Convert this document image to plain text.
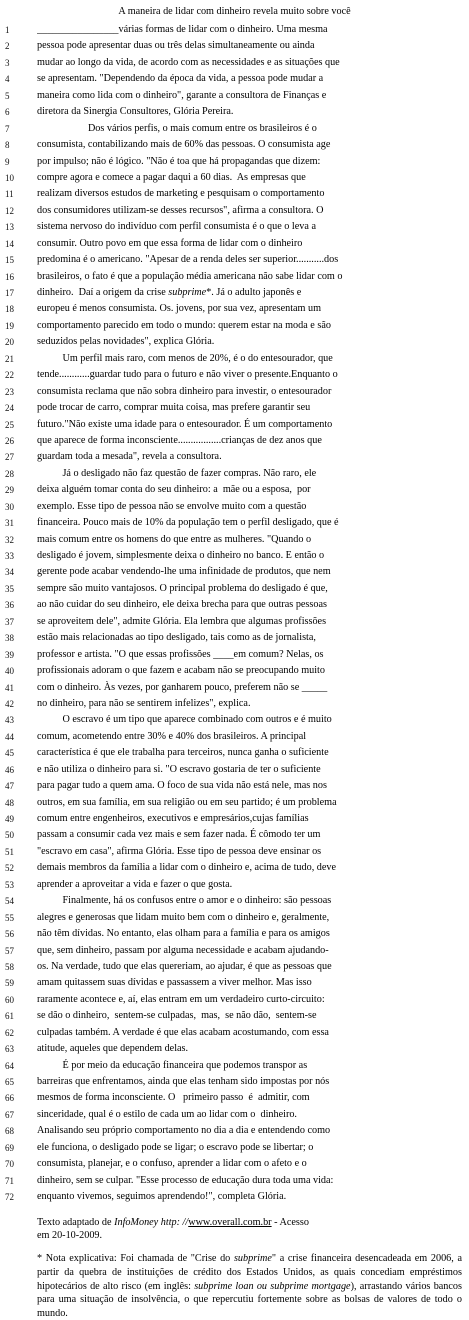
A maneira de lidar com dinheiro revela muito sobre você

1	________________várias formas de lidar com o dinheiro. Uma mesma
2	pessoa pode apresentar duas ou três delas simultaneamente ou ainda
3	mudar ao longo da vida, de acordo com as necessidades e as situações que
4	se apresentam. "Dependendo da época da vida, a pessoa pode mudar a
5	maneira como lida com o dinheiro", garante a consultora de Finanças e
6	diretora da Sinergia Consultores, Glória Pereira.
7	Dos vários perfis, o mais comum entre os brasileiros é o
8	consumista, contabilizando mais de 60% das pessoas. O consumista age
9	por impulso; não é lógico. "Não é toa que há propagandas que dizem:
10	compre agora e comece a pagar daqui a 60 dias.  As empresas que
11	realizam diversos estudos de marketing e pesquisam o comportamento
12	dos consumidores utilizam-se desses recursos", afirma a consultora. O
13	sistema nervoso do indivíduo com perfil consumista é o que o leva a
14	consumir. Outro povo em que essa forma de lidar com o dinheiro
15	predomina é o americano. "Apesar de a renda deles ser superior...........dos
16	brasileiros, o fato é que a população média americana não sabe lidar com o
17	dinheiro.  Daí a origem da crise subprime*. Já o adulto japonês e
18	europeu é menos consumista. Os. jovens, por sua vez, apresentam um
19	comportamento parecido em todo o mundo: querem estar na moda e são
20	seduzidos pelas novidades", explica Glória.
21	Um perfil mais raro, com menos de 20%, é o do entesourador, que
22	tende............guardar tudo para o futuro e não viver o presente.Enquanto o
23	consumista reclama que não sobra dinheiro para investir, o entesourador
24	pode trocar de carro, comprar muita coisa, mas prefere garantir seu
25	futuro."Não existe uma idade para o entesourador. É um comportamento
26	que aparece de forma inconsciente.................crianças de dez anos que
27	guardam toda a mesada", revela a consultora.
28	Já o desligado não faz questão de fazer compras. Não raro, ele
29	deixa alguém tomar conta do seu dinheiro: a  mãe ou a esposa,  por
30	exemplo. Esse tipo de pessoa não se envolve muito com a questão
31	financeira. Pouco mais de 10% da população tem o perfil desligado, que é
32	mais comum entre os homens do que entre as mulheres. "Quando o
33	desligado é jovem, simplesmente deixa o dinheiro no banco. E então o
34	gerente pode acabar vendendo-lhe uma infinidade de produtos, que nem
35	sempre são muito vantajosos. O principal problema do desligado é que,
36	ao não cuidar do seu dinheiro, ele deixa brecha para que outras pessoas
37	se aproveitem dele", admite Glória. Ela lembra que algumas profissões
38	estão mais relacionadas ao tipo desligado, tais como as de jornalista,
39	professor e artista. "O que essas profissões ____em comum? Nelas, os
40	profissionais adoram o que fazem e acabam não se preocupando muito
41	com o dinheiro. Às vezes, por ganharem pouco, preferem não se _____
42	no dinheiro, para não se sentirem infelizes", explica.
43	O escravo é um tipo que aparece combinado com outros e é muito
44	comum, acometendo entre 30% e 40% dos brasileiros. A principal
45	característica é que ele trabalha para terceiros, nunca ganha o suficiente
46	e não utiliza o dinheiro para si. "O escravo gostaria de ter o suficiente
47	para pagar tudo a quem ama. O foco de sua vida não está nele, mas nos
48	outros, em sua família, em sua religião ou em seu partido; é um problema
49	comum entre engenheiros, executivos e empresários,cujas famílias
50	passam a consumir cada vez mais e sem fazer nada. É cômodo ter um
51	"escravo em casa", afirma Glória. Esse tipo de pessoa deve ensinar os
52	demais membros da família a lidar com o dinheiro e, acima de tudo, deve
53	aprender a aproveitar a vida e fazer o que gosta.
54	Finalmente, há os confusos entre o amor e o dinheiro: são pessoas
55	alegres e generosas que lidam muito bem com o dinheiro e, geralmente,
56	não têm dívidas. No entanto, elas olham para a família e para os amigos
57	que, sem dinheiro, passam por alguma necessidade e acabam ajudando-
58	os. Na verdade, tudo que elas quereriam, ao ajudar, é que as pessoas que
59	amam quitassem suas dívidas e passassem a viver melhor. Mas isso
60	raramente acontece e, aí, elas entram em um verdadeiro curto-circuito:
61	se dão o dinheiro,  sentem-se culpadas,  mas,  se não dão,  sentem-se
62	culpadas também. A verdade é que elas acabam acostumando, com essa
63	atitude, aqueles que dependem delas.
64	É por meio da educação financeira que podemos transpor as
65	barreiras que enfrentamos, ainda que elas tenham sido impostas por nós
66	mesmos de forma inconsciente. O   primeiro passo  é  admitir, com
67	sinceridade, qual é o estilo de cada um ao lidar com o  dinheiro.
68	Analisando seu próprio comportamento no dia a dia e entendendo como
69	ele funciona, o desligado pode se ligar; o escravo pode se libertar; o
70	consumista, planejar, e o confuso, aprender a lidar com o afeto e o
71	dinheiro, sem se culpar. "Esse processo de educação dura toda uma vida:
72	enquanto vivemos, seguimos aprendendo!", completa Glória.

Texto adaptado de InfoMoney http: //www.overall.com.br - Acesso
em 20-10-2009.

* Nota explicativa: Foi chamada de "Crise do subprime" a crise financeira desencadeada em 2006, a partir da quebra de instituições de crédito dos Estados Unidos, as quais concediam empréstimos hipotecários de alto risco (em inglês: subprime loan ou subprime mortgage), arrastando vários bancos para uma situação de insolvência, o que repercutiu fortemente sobre as bolsas de valores de todo o mundo.
